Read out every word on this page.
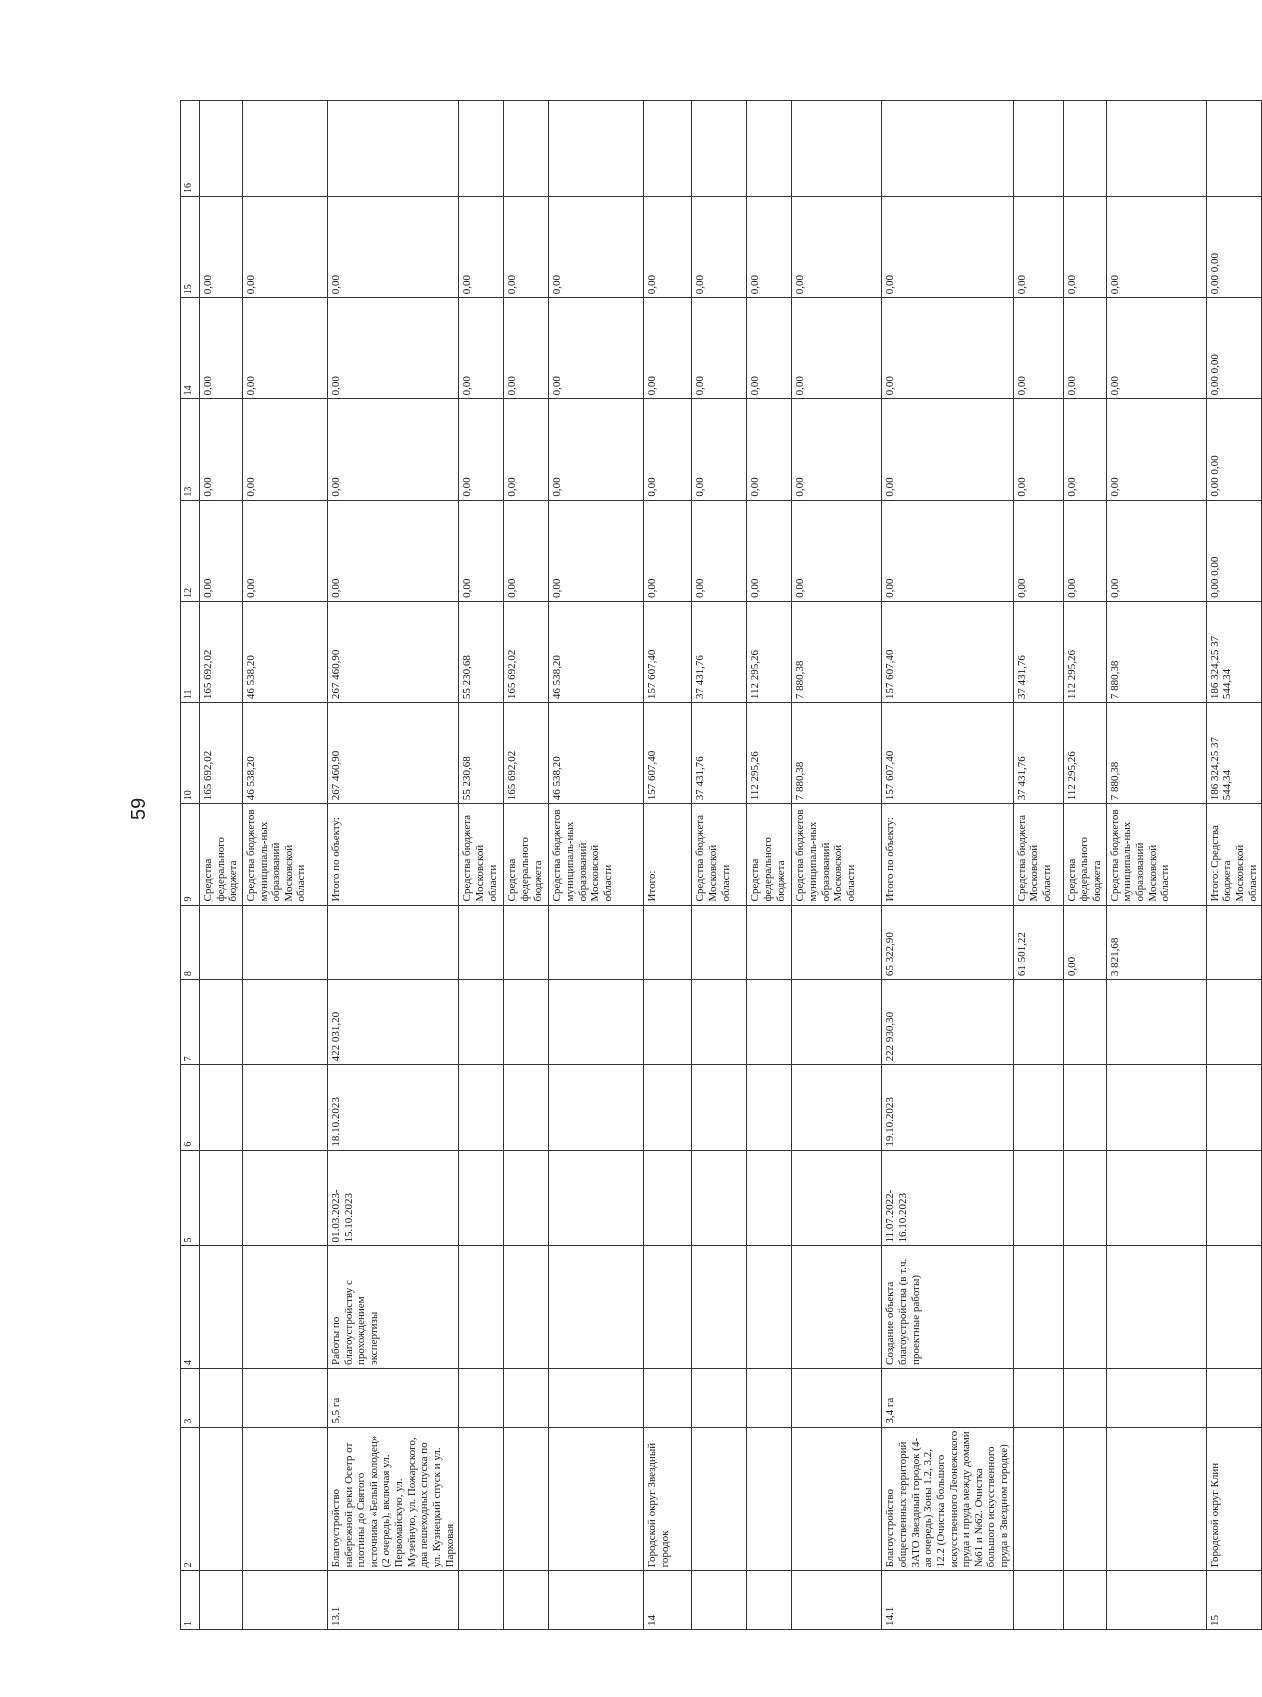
59
1	2	3	4	5	6	7	8	9	10	11	12	13	14	15	16
								Средства федерального бюджета	165 692,02	165 692,02	0,00	0,00	0,00	0,00	
								Средства бюджетов муниципаль-ных образований Московской области	46 538,20	46 538,20	0,00	0,00	0,00	0,00	
13.1	Благоустройство набережной реки Осетр от плотины до Святого источника «Белый колодец» (2 очередь), включая ул. Первомайскую, ул. Музейную, ул. Пожарского, два пешеходных спуска по ул. Кузнецкий спуск и ул. Парковая	5,5 га	Работы по благоустройству с прохождением экспертизы	01.03.2023-15.10.2023	18.10.2023	422 031,20		Итого по объекту:	267 460,90	267 460,90	0,00	0,00	0,00	0,00	
								Средства бюджета Московской области	55 230,68	55 230,68	0,00	0,00	0,00	0,00	
								Средства федерального бюджета	165 692,02	165 692,02	0,00	0,00	0,00	0,00	
								Средства бюджетов муниципаль-ных образований Московской области	46 538,20	46 538,20	0,00	0,00	0,00	0,00	
14	Городской округ Звездный городок							Итого:	157 607,40	157 607,40	0,00	0,00	0,00	0,00	
								Средства бюджета Московской области	37 431,76	37 431,76	0,00	0,00	0,00	0,00	
								Средства федерального бюджета	112 295,26	112 295,26	0,00	0,00	0,00	0,00	
								Средства бюджетов муниципаль-ных образований Московской области	7 880,38	7 880,38	0,00	0,00	0,00	0,00	
14.1	Благоустройство общественных территорий ЗАТО Звездный городок (4-ая очередь) Зоны 1.2, 3.2, 12.2 (Очистка большого искусственного Леонежского пруда и пруда между домами №61 и №62. Очистка большого искусственного пруда в Звездном городке)	3,4 га	Создание объекта благоустройства (в т.ч. проектные работы)	11.07.2022-16.10.2023	19.10.2023	222 930,30	65 322,90	Итого по объекту:	157 607,40	157 607,40	0,00	0,00	0,00	0,00	
							61 501,22	Средства бюджета Московской области	37 431,76	37 431,76	0,00	0,00	0,00	0,00	
							0,00	Средства федерального бюджета	112 295,26	112 295,26	0,00	0,00	0,00	0,00	
							3 821,68	Средства бюджетов муниципаль-ных образований Московской области	7 880,38	7 880,38	0,00	0,00	0,00	0,00	
15	Городской округ Клин							Итого: Средства бюджета Московской области	186 324,25 37 544,34	186 324,25 37 544,34	0,00 0,00	0,00 0,00	0,00 0,00	0,00 0,00	
